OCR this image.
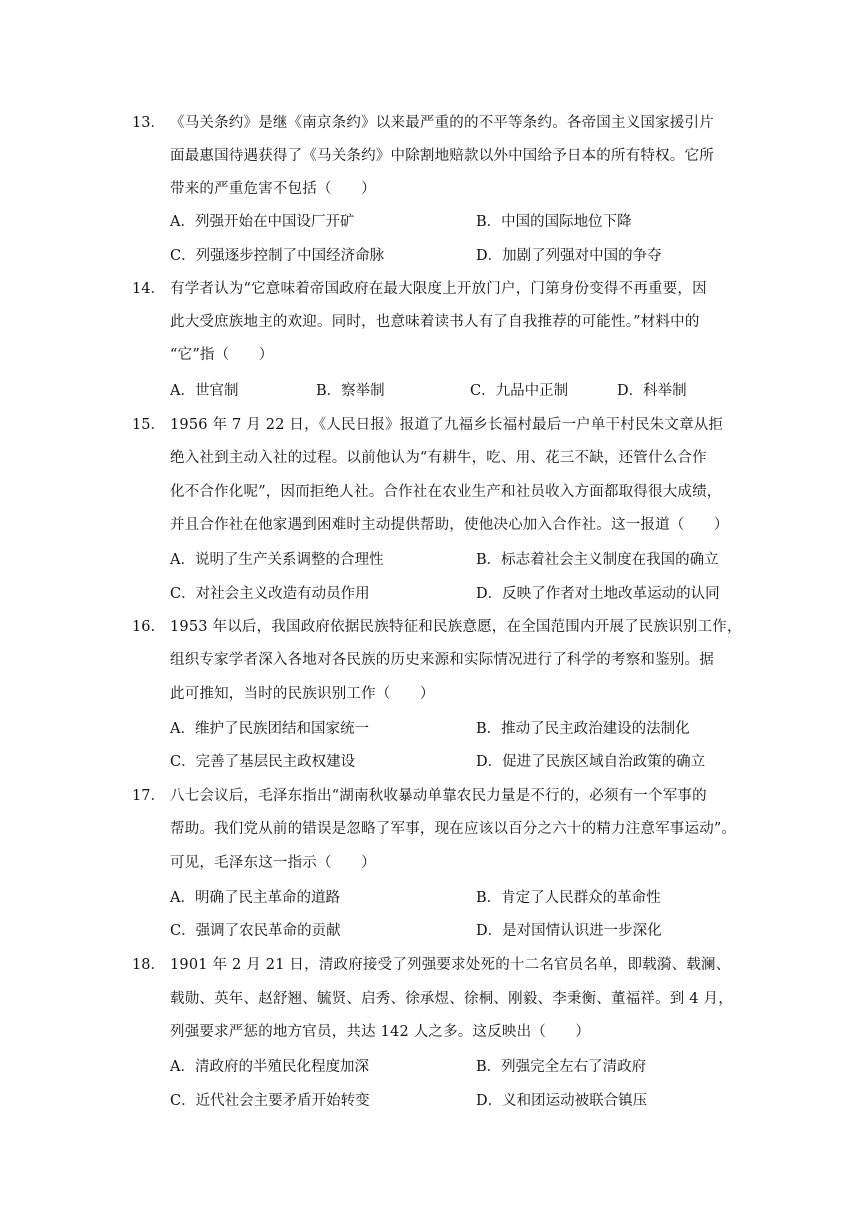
13． 《马关条约》是继《南京条约》以来最严重的的不平等条约。各帝国主义国家援引片
面最惠国待遇获得了《马关条约》中除割地赔款以外中国给予日本的所有特权。它所
带来的严重危害不包括（　　）
A．列强开始在中国设厂开矿	B．中国的国际地位下降
C．列强逐步控制了中国经济命脉	D．加剧了列强对中国的争夺
14． 有学者认为“它意味着帝国政府在最大限度上开放门户，门第身份变得不再重要，因
此大受庶族地主的欢迎。同时，也意味着读书人有了自我推荐的可能性。”材料中的
“它”指（　　）
A．世官制	B．察举制	C．九品中正制	D．科举制
15． 1956 年 7 月 22 日，《人民日报》报道了九福乡长福村最后一户单干村民朱文章从拒
绝入社到主动入社的过程。以前他认为“有耕牛，吃、用、花三不缺，还管什么合作
化不合作化呢”，因而拒绝人社。合作社在农业生产和社员收入方面都取得很大成绩，
并且合作社在他家遇到困难时主动提供帮助，使他决心加入合作社。这一报道（　　）
A．说明了生产关系调整的合理性	B．标志着社会主义制度在我国的确立
C．对社会主义改造有动员作用	D．反映了作者对土地改革运动的认同
16. 1953 年以后，我国政府依据民族特征和民族意愿，在全国范围内开展了民族识别工作，
组织专家学者深入各地对各民族的历史来源和实际情况进行了科学的考察和鉴别。据
此可推知，当时的民族识别工作（　　）
A．维护了民族团结和国家统一	B．推动了民主政治建设的法制化
C．完善了基层民主政权建设	D．促进了民族区域自治政策的确立
17． 八七会议后，毛泽东指出“湖南秋收暴动单靠农民力量是不行的，必须有一个军事的
帮助。我们党从前的错误是忽略了军事，现在应该以百分之六十的精力注意军事运动”。
可见，毛泽东这一指示（　　）
A．明确了民主革命的道路	B．肯定了人民群众的革命性
C．强调了农民革命的贡献	D．是对国情认识进一步深化
18． 1901 年 2 月 21 日，清政府接受了列强要求处死的十二名官员名单，即载漪、载澜、
载勋、英年、赵舒翘、毓贤、启秀、徐承煜、徐桐、刚毅、李秉衡、董福祥。到 4 月，
列强要求严惩的地方官员，共达 142 人之多。这反映出（　　）
A．清政府的半殖民化程度加深	B．列强完全左右了清政府
C．近代社会主要矛盾开始转变	D．义和团运动被联合镇压
